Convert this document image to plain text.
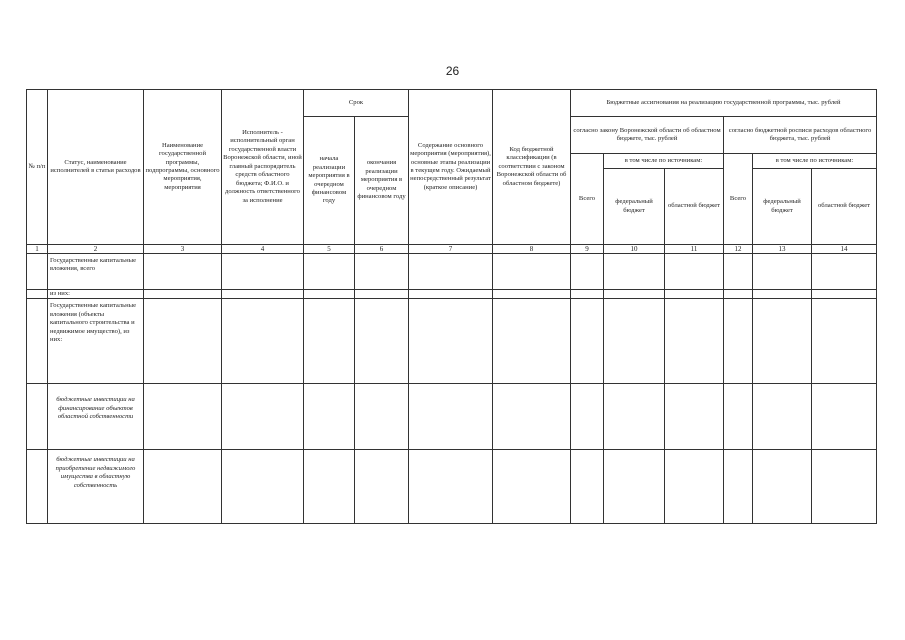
26
№ п/п	Статус, наименование исполнителей в статьи расходов	Наименование государственной программы, подпрограммы, основного мероприятия, мероприятия	Исполнитель - исполнительный орган государственной власти Воронежской области, иной главный распорядитель средств областного бюджета; Ф.И.О. и должность ответственного за исполнение	Срок		Содержание основного мероприятия (мероприятия), основные этапы реализации в текущем году. Ожидаемый непосредственный результат (краткое описание)	Код бюджетной классификации (в соответствии с законом Воронежской области об областном бюджете)	Бюджетные ассигнования на реализацию государственной программы, тыс. рублей					
				начала реализации мероприятия в очередном финансовом году	окончания реализации мероприятия в очередном финансовом году			согласно закону Воронежской области об областном бюджете, тыс. рублей			согласно бюджетной росписи расходов областного бюджета, тыс. рублей		
								Всего	в том числе по источникам:		Всего	в том числе по источникам:	
									федеральный бюджет	областной бюджет		федеральный бюджет	областной бюджет

1	2	3	4	5	6	7	8	9	10	11	12	13	14
	Государственные капитальные вложения, всего												
	из них:												
	Государственные капитальные вложения (объекты капитального строительства и недвижимое имущество), из них:												
	бюджетные инвестиции на финансирование объектов областной собственности												
	бюджетные инвестиции на приобретение недвижимого имущества в областную собственность												
